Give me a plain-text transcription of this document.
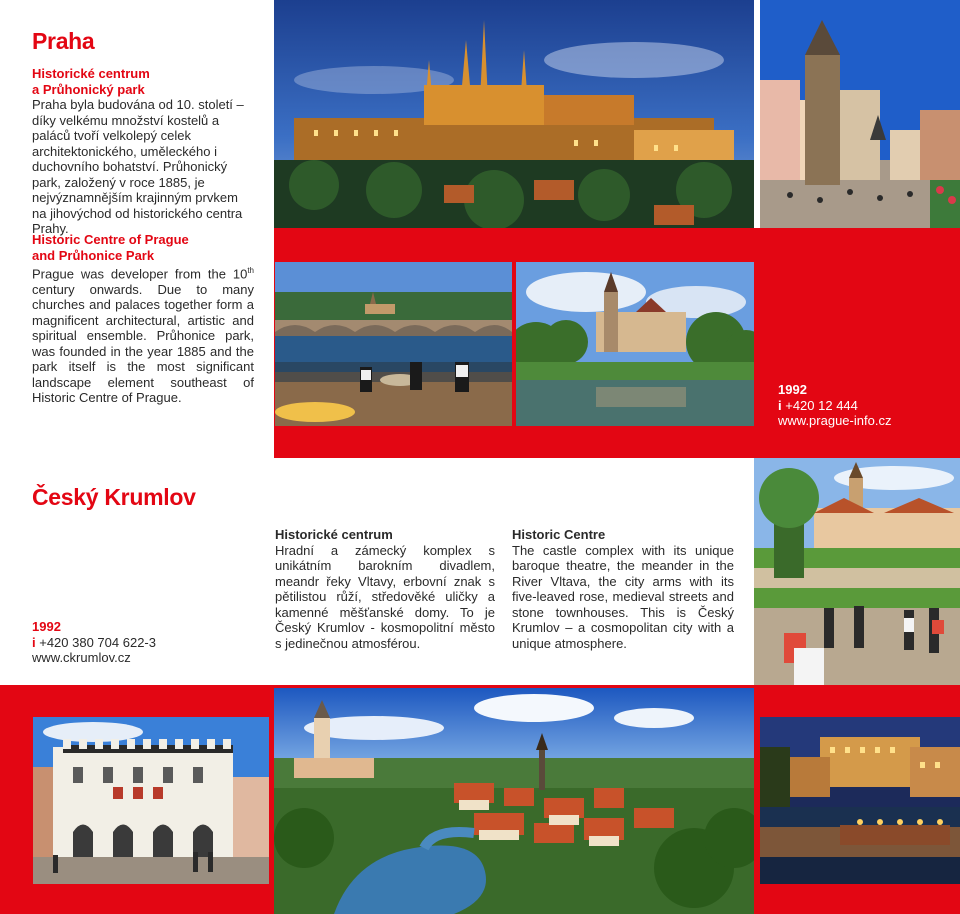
Praha
Historické centrum
a Průhonický park
Praha byla budována od 10. století – díky velkému množství kostelů a paláců tvoří velkolepý celek architektonického, uměleckého i duchovního bohatství. Průhonický park, založený v roce 1885, je nejvýznamnějším krajinným prvkem na jihovýchod od historického centra Prahy.
Historic Centre of Prague
and Průhonice Park
Prague was developer from the 10th century onwards. Due to many churches and palaces together form a magnificent architectural, artistic and spiritual ensemble. Průhonice park, was founded in the year 1885 and the park itself is the most significant landscape element southeast of Historic Centre of Prague.
1992
i +420 12 444
www.prague-info.cz
Český Krumlov
1992
i +420 380 704 622-3
www.ckrumlov.cz
Historické centrum
Hradní a zámecký komplex s unikátním barokním divadlem, meandr řeky Vltavy, erbovní znak s pětilistou růží, středověké uličky a kamenné měšťanské domy. To je Český Krumlov - kosmopolitní město s jedinečnou atmosférou.
Historic Centre
The castle complex with its unique baroque theatre, the meander in the River Vltava, the city arms with its five-leaved rose, medieval streets and stone townhouses. This is Český Krumlov – a cosmopolitan city with a unique atmosphere.
